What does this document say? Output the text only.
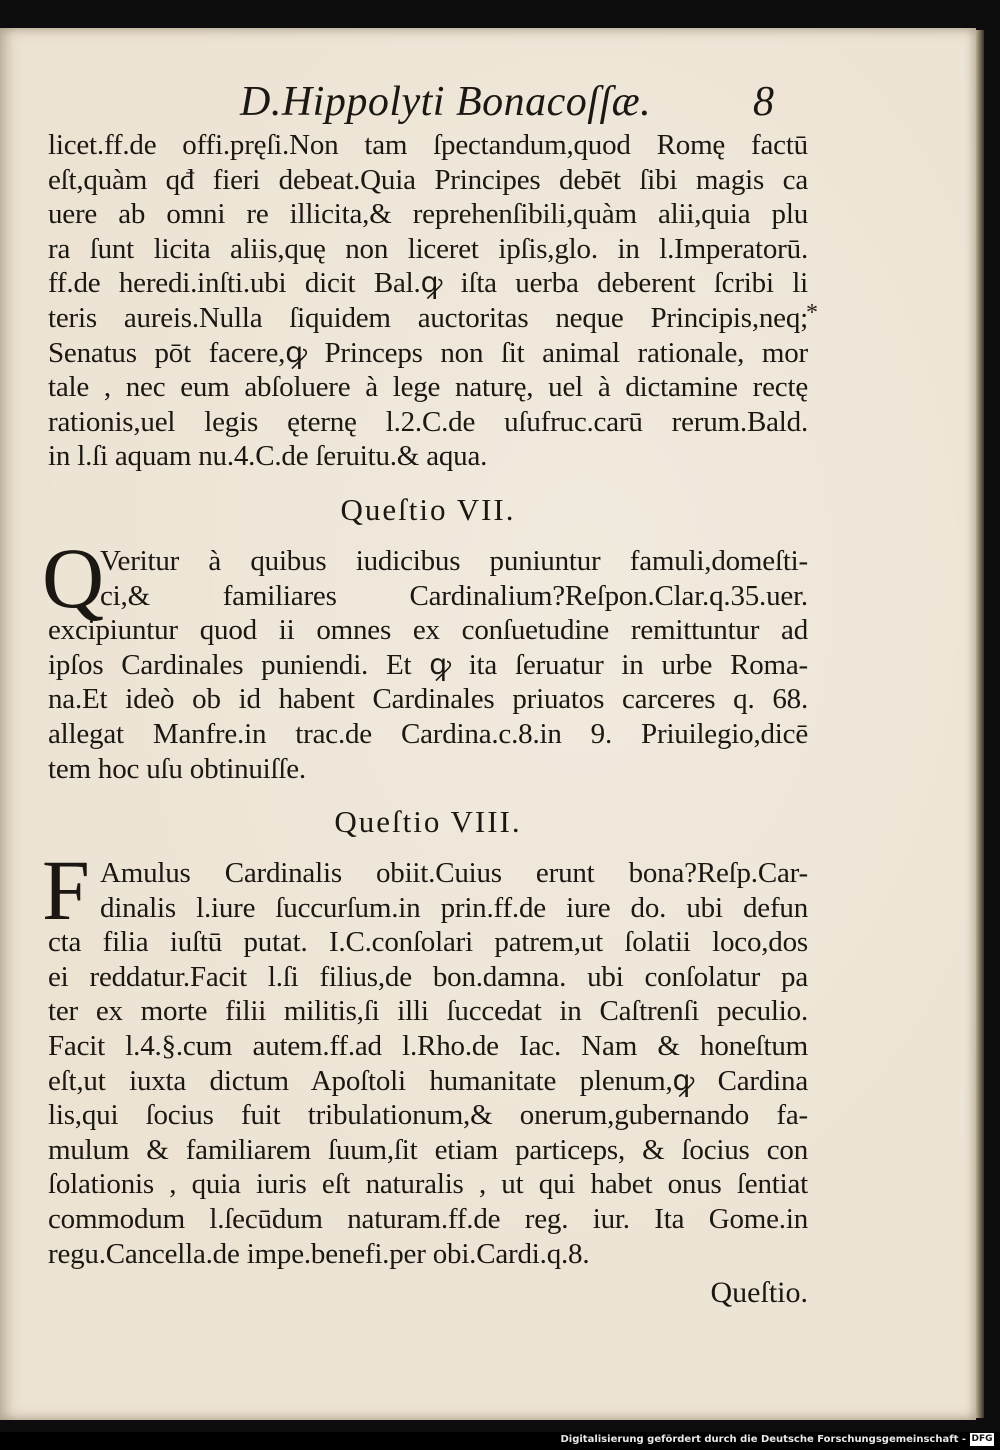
D.Hippolyti Bonacoſſæ. 8
*
licet.ff.de offi.pręſi.Non tam ſpectandum,quod Romę factū
eſt,quàm qđ fieri debeat.Quia Principes debēt ſibi magis ca
uere ab omni re illicita,& reprehenſibili,quàm alii,quia plu
ra ſunt licita aliis,quę non liceret ipſis,glo. in l.Imperatorū.
ff.de heredi.inſti.ubi dicit Bal.ꝙ iſta uerba deberent ſcribi li
teris aureis.Nulla ſiquidem auctoritas neque Principis,neq;
Senatus pōt facere,ꝙ Princeps non ſit animal rationale, mor
tale , nec eum abſoluere à lege naturę, uel à dictamine rectę
rationis,uel legis ęternę l.2.C.de uſufruc.carū rerum.Bald.
in l.ſi aquam nu.4.C.de ſeruitu.& aqua.
Queſtio VII.
Q
Veritur à quibus iudicibus puniuntur famuli,domeſti-
ci,& familiares Cardinalium?Reſpon.Clar.q.35.uer.
excipiuntur quod ii omnes ex conſuetudine remittuntur ad
ipſos Cardinales puniendi. Et ꝙ ita ſeruatur in urbe Roma-
na.Et ideò ob id habent Cardinales priuatos carceres q. 68.
allegat Manfre.in trac.de Cardina.c.8.in 9. Priuilegio,dicē
tem hoc uſu obtinuiſſe.
Queſtio VIII.
F Amulus Cardinalis obiit.Cuius erunt bona?Reſp.Car-
dinalis l.iure ſuccurſum.in prin.ff.de iure do. ubi defun
cta filia iuſtū putat. I.C.conſolari patrem,ut ſolatii loco,dos
ei reddatur.Facit l.ſi filius,de bon.damna. ubi conſolatur pa
ter ex morte filii militis,ſi illi ſuccedat in Caſtrenſi peculio.
Facit l.4.§.cum autem.ff.ad l.Rho.de Iac. Nam & honeſtum
eſt,ut iuxta dictum Apoſtoli humanitate plenum,ꝙ Cardina
lis,qui ſocius fuit tribulationum,& onerum,gubernando fa-
mulum & familiarem ſuum,ſit etiam particeps, & ſocius con
ſolationis , quia iuris eſt naturalis , ut qui habet onus ſentiat
commodum l.ſecūdum naturam.ff.de reg. iur. Ita Gome.in
regu.Cancella.de impe.benefi.per obi.Cardi.q.8.
Queſtio.
Digitalisierung gefördert durch die Deutsche Forschungsgemeinschaft - DFG
